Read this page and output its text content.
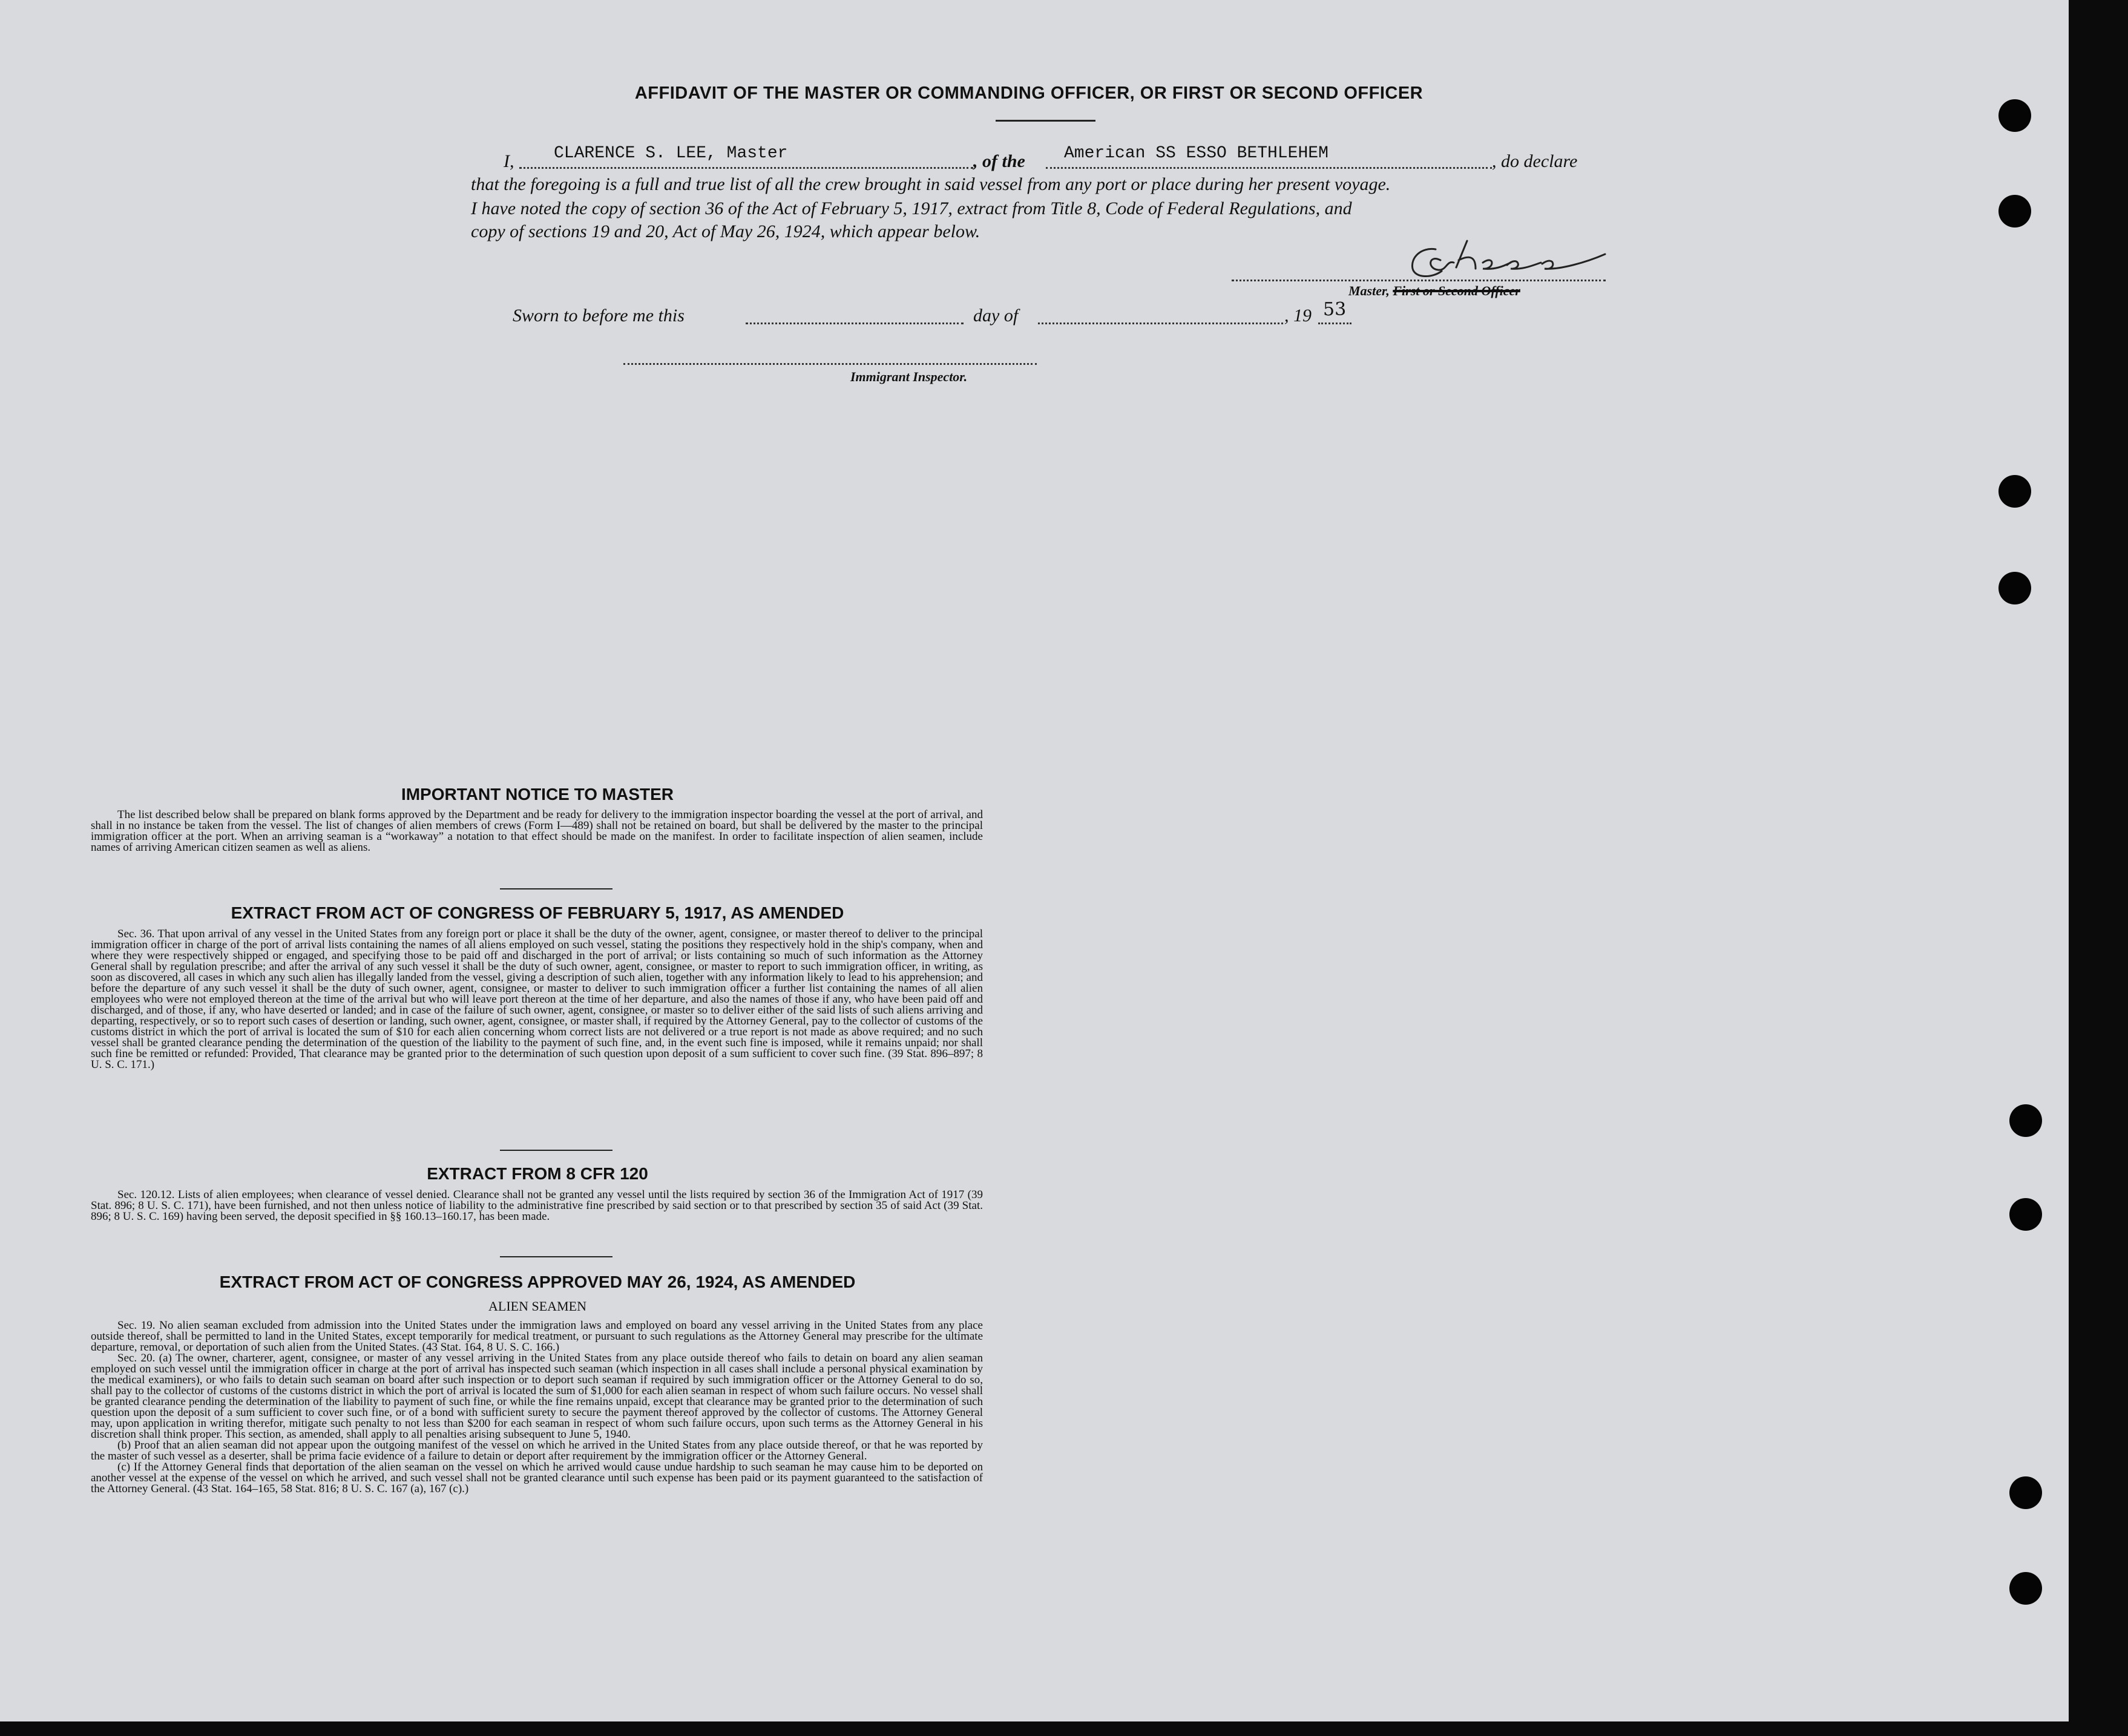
AFFIDAVIT OF THE MASTER OR COMMANDING OFFICER, OR FIRST OR SECOND OFFICER
I, CLARENCE S. LEE, Master	, of the American SS ESSO BETHLEHEM	, do declare
that the foregoing is a full and true list of all the crew brought in said vessel from any port or place during her present voyage.
I have noted the copy of section 36 of the Act of February 5, 1917, extract from Title 8, Code of Federal Regulations, and
copy of sections 19 and 20, Act of May 26, 1924, which appear below.
Master, First or Second Officer
Sworn to before me this	day of	, 19 53
Immigrant Inspector.
IMPORTANT NOTICE TO MASTER

The list described below shall be prepared on blank forms approved by the Department and be ready for delivery to the immigration inspector boarding the vessel at the port of arrival, and shall in no instance be taken from the vessel. The list of changes of alien members of crews (Form I—489) shall not be retained on board, but shall be delivered by the master to the principal immigration officer at the port. When an arriving seaman is a “workaway” a notation to that effect should be made on the manifest. In order to facilitate inspection of alien seamen, include names of arriving American citizen seamen as well as aliens.

EXTRACT FROM ACT OF CONGRESS OF FEBRUARY 5, 1917, AS AMENDED

Sec. 36. That upon arrival of any vessel in the United States from any foreign port or place it shall be the duty of the owner, agent, consignee, or master thereof to deliver to the principal immigration officer in charge of the port of arrival lists containing the names of all aliens employed on such vessel, stating the positions they respectively hold in the ship's company, when and where they were respectively shipped or engaged, and specifying those to be paid off and discharged in the port of arrival; or lists containing so much of such information as the Attorney General shall by regulation prescribe; and after the arrival of any such vessel it shall be the duty of such owner, agent, consignee, or master to report to such immigration officer, in writing, as soon as discovered, all cases in which any such alien has illegally landed from the vessel, giving a description of such alien, together with any information likely to lead to his apprehension; and before the departure of any such vessel it shall be the duty of such owner, agent, consignee, or master to deliver to such immigration officer a further list containing the names of all alien employees who were not employed thereon at the time of the arrival but who will leave port thereon at the time of her departure, and also the names of those if any, who have been paid off and discharged, and of those, if any, who have deserted or landed; and in case of the failure of such owner, agent, consignee, or master so to deliver either of the said lists of such aliens arriving and departing, respectively, or so to report such cases of desertion or landing, such owner, agent, consignee, or master shall, if required by the Attorney General, pay to the collector of customs of the customs district in which the port of arrival is located the sum of $10 for each alien concerning whom correct lists are not delivered or a true report is not made as above required; and no such vessel shall be granted clearance pending the determination of the question of the liability to the payment of such fine, and, in the event such fine is imposed, while it remains unpaid; nor shall such fine be remitted or refunded: Provided, That clearance may be granted prior to the determination of such question upon deposit of a sum sufficient to cover such fine. (39 Stat. 896–897; 8 U. S. C. 171.)

EXTRACT FROM 8 CFR 120

Sec. 120.12. Lists of alien employees; when clearance of vessel denied. Clearance shall not be granted any vessel until the lists required by section 36 of the Immigration Act of 1917 (39 Stat. 896; 8 U. S. C. 171), have been furnished, and not then unless notice of liability to the administrative fine prescribed by said section or to that prescribed by section 35 of said Act (39 Stat. 896; 8 U. S. C. 169) having been served, the deposit specified in §§ 160.13–160.17, has been made.

EXTRACT FROM ACT OF CONGRESS APPROVED MAY 26, 1924, AS AMENDED
ALIEN SEAMEN

Sec. 19. No alien seaman excluded from admission into the United States under the immigration laws and employed on board any vessel arriving in the United States from any place outside thereof, shall be permitted to land in the United States, except temporarily for medical treatment, or pursuant to such regulations as the Attorney General may prescribe for the ultimate departure, removal, or deportation of such alien from the United States. (43 Stat. 164, 8 U. S. C. 166.)

Sec. 20. (a) The owner, charterer, agent, consignee, or master of any vessel arriving in the United States from any place outside thereof who fails to detain on board any alien seaman employed on such vessel until the immigration officer in charge at the port of arrival has inspected such seaman (which inspection in all cases shall include a personal physical examination by the medical examiners), or who fails to detain such seaman on board after such inspection or to deport such seaman if required by such immigration officer or the Attorney General to do so, shall pay to the collector of customs of the customs district in which the port of arrival is located the sum of $1,000 for each alien seaman in respect of whom such failure occurs. No vessel shall be granted clearance pending the determination of the liability to payment of such fine, or while the fine remains unpaid, except that clearance may be granted prior to the determination of such question upon the deposit of a sum sufficient to cover such fine, or of a bond with sufficient surety to secure the payment thereof approved by the collector of customs. The Attorney General may, upon application in writing therefor, mitigate such penalty to not less than $200 for each seaman in respect of whom such failure occurs, upon such terms as the Attorney General in his discretion shall think proper. This section, as amended, shall apply to all penalties arising subsequent to June 5, 1940.

(b) Proof that an alien seaman did not appear upon the outgoing manifest of the vessel on which he arrived in the United States from any place outside thereof, or that he was reported by the master of such vessel as a deserter, shall be prima facie evidence of a failure to detain or deport after requirement by the immigration officer or the Attorney General.

(c) If the Attorney General finds that deportation of the alien seaman on the vessel on which he arrived would cause undue hardship to such seaman he may cause him to be deported on another vessel at the expense of the vessel on which he arrived, and such vessel shall not be granted clearance until such expense has been paid or its payment guaranteed to the satisfaction of the Attorney General. (43 Stat. 164–165, 58 Stat. 816; 8 U. S. C. 167 (a), 167 (c).)
